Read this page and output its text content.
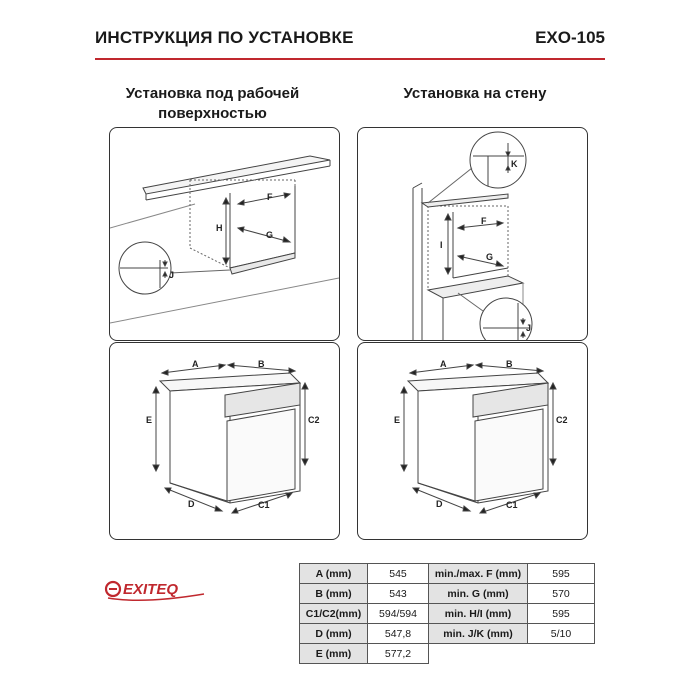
ИНСТРУКЦИЯ ПО УСТАНОВКЕ	EXO-105
Установка под рабочей поверхностью
Установка на стену
F
G
H
J
F
G
I
K
J
A	B
E	C2
D	C1
A	B
E	C2
D	C1
EXITEQ
A (mm)	545	min./max. F (mm)	595
B (mm)	543	min. G (mm)	570
C1/C2(mm)	594/594	min. H/I (mm)	595
D (mm)	547,8	min. J/K (mm)	5/10
E (mm)	577,2		
